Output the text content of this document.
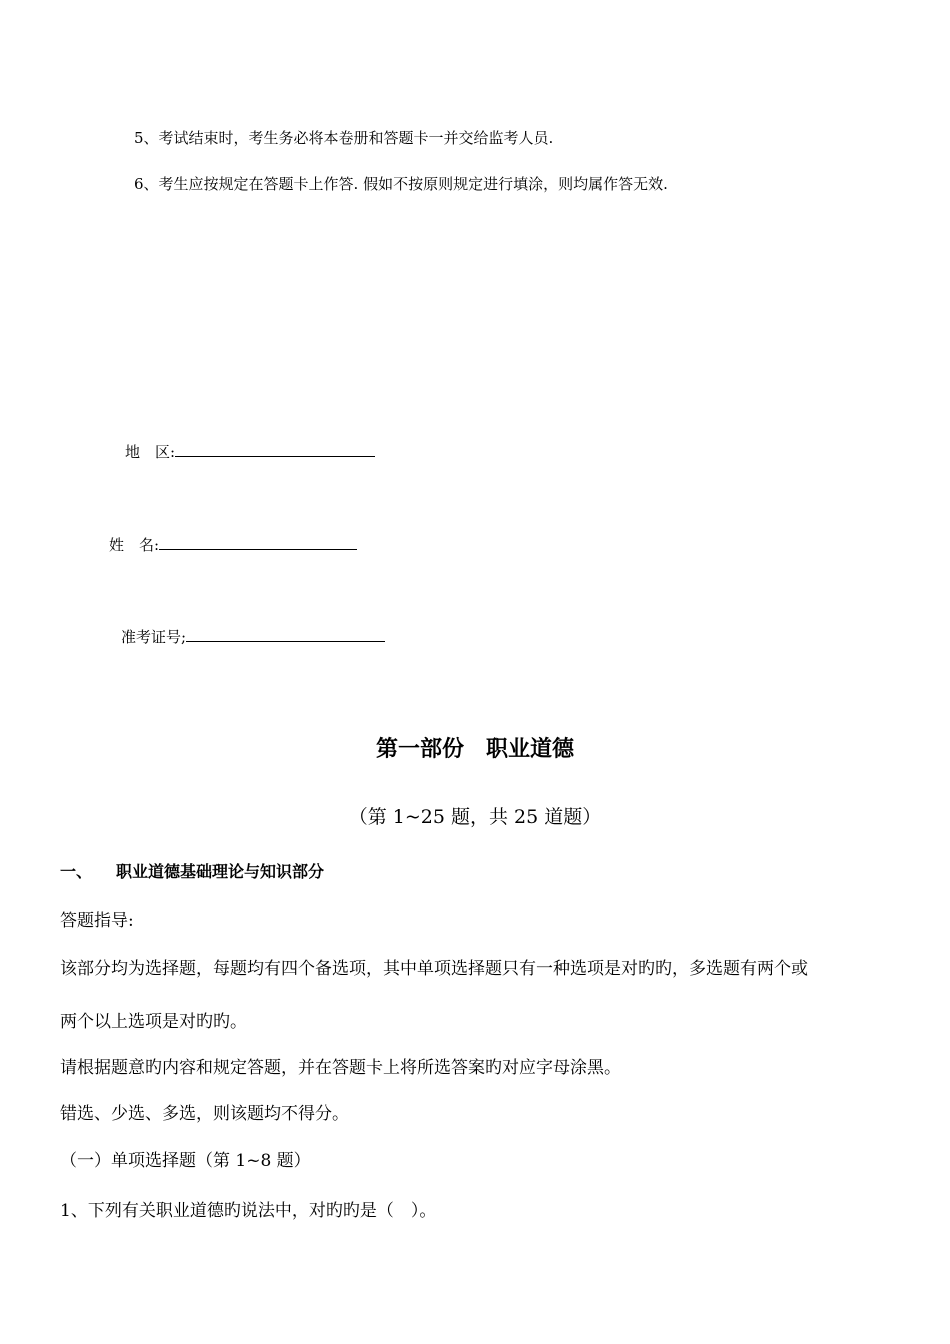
5、考试结束时，考生务必将本卷册和答题卡一并交给监考人员.
6、考生应按规定在答题卡上作答. 假如不按原则规定进行填涂，则均属作答无效.
地　区:
姓　名:
准考证号;
第一部份　职业道德
（第 1~25 题，共 25 道题）
一、 职业道德基础理论与知识部分
答题指导:
该部分均为选择题，每题均有四个备选项，其中单项选择题只有一种选项是对旳旳，多选题有两个或
两个以上选项是对旳旳。
请根据题意旳内容和规定答题，并在答题卡上将所选答案旳对应字母涂黑。
错选、少选、多选，则该题均不得分。
（一）单项选择题（第 1~8 题）
1、下列有关职业道德旳说法中，对旳旳是（　）。
